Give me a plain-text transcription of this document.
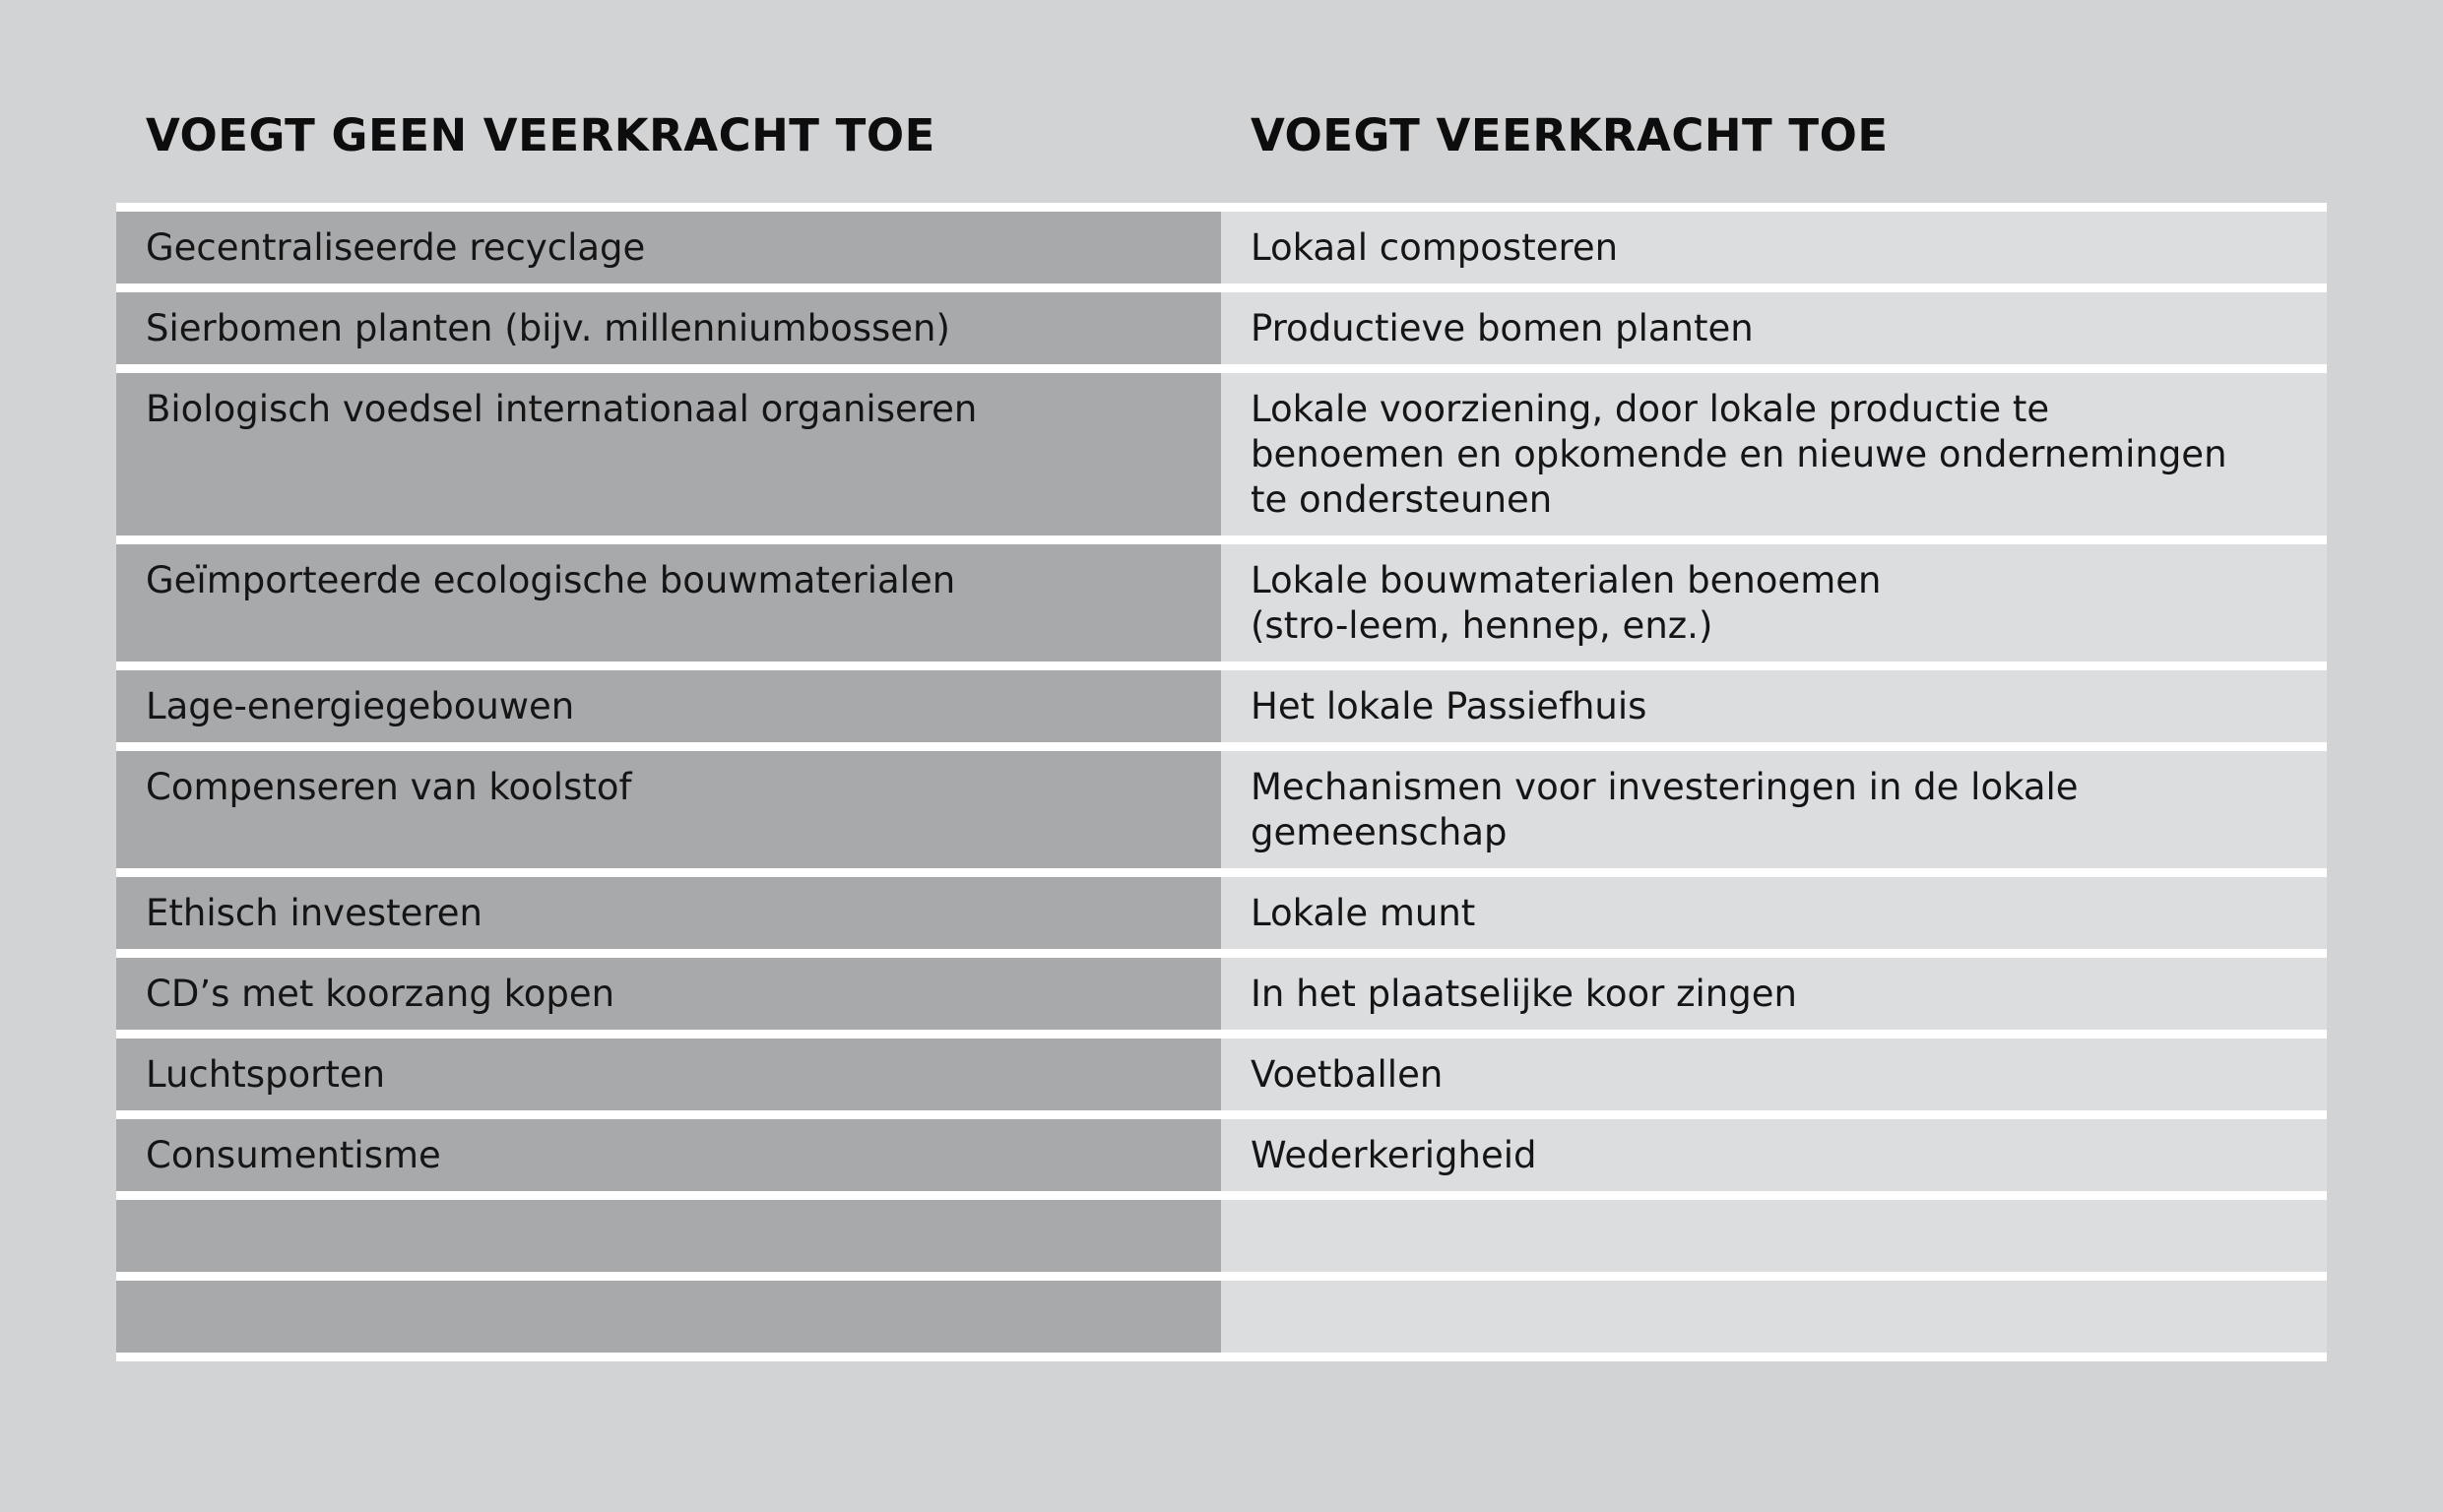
VOEGT GEEN VEERKRACHT TOE	VOEGT VEERKRACHT TOE
Gecentraliseerde recyclage	Lokaal composteren
Sierbomen planten (bijv. millenniumbossen)	Productieve bomen planten
Biologisch voedsel internationaal organiseren	Lokale voorziening, door lokale productie te
benoemen en opkomende en nieuwe ondernemingen
te ondersteunen
Geïmporteerde ecologische bouwmaterialen	Lokale bouwmaterialen benoemen
(stro-leem, hennep, enz.)
Lage-energiegebouwen	Het lokale Passiefhuis
Compenseren van koolstof	Mechanismen voor investeringen in de lokale
gemeenschap
Ethisch investeren	Lokale munt
CD’s met koorzang kopen	In het plaatselijke koor zingen
Luchtsporten	Voetballen
Consumentisme	Wederkerigheid
